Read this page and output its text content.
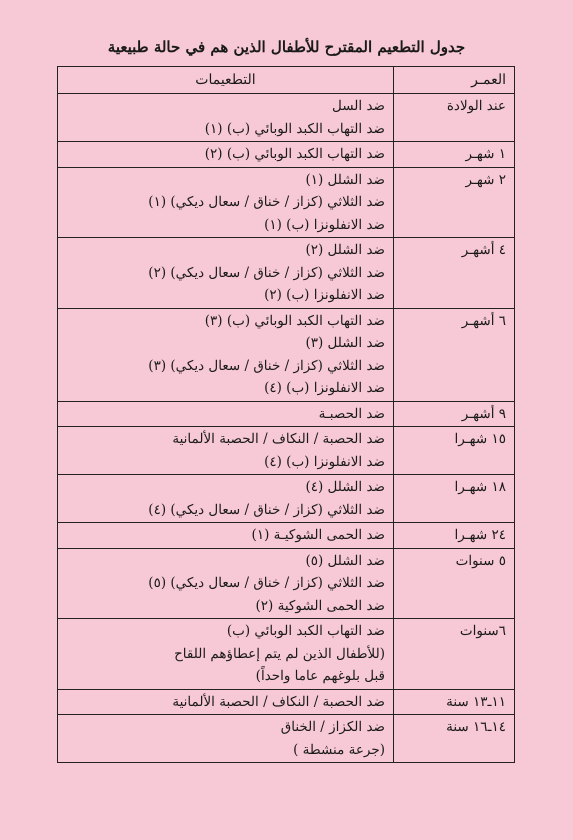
جدول التطعيم المقترح للأطفال الذين هم في حالة طبيعية
العمـر	التطعيمات
عند الولادة	ضد السل
ضد التهاب الكبد الوبائي (ب) (١)

١ شهـر	ضد التهاب الكبد الوبائي (ب) (٢)

٢ شهـر	ضد الشلل (١)
ضد الثلاثي (كزاز / خناق / سعال ديكي) (١)
ضد الانفلونزا (ب) (١)

٤ أشهـر	ضد الشلل (٢)
ضد الثلاثي (كزاز / خناق / سعال ديكي) (٢)
ضد الانفلونزا (ب) (٢)

٦ أشهـر	ضد التهاب الكبد الوبائي (ب) (٣)
ضد الشلل (٣)
ضد الثلاثي (كزاز / خناق / سعال ديكي) (٣)
ضد الانفلونزا (ب) (٤)

٩ أشهـر	ضد الحصبـة

١٥ شهـرا	ضد الحصبة / النكاف / الحصبة الألمانية
ضد الانفلونزا (ب) (٤)

١٨ شهـرا	ضد الشلل (٤)
ضد الثلاثي (كزاز / خناق / سعال ديكي) (٤)

٢٤ شهـرا	ضد الحمى الشوكيـة (١)

٥ سنوات	ضد الشلل (٥)
ضد الثلاثي (كزاز / خناق / سعال ديكي) (٥)
ضد الحمى الشوكية (٢)

٦سنوات	ضد التهاب الكبد الوبائي (ب)
(للأطفال الذين لم يتم إعطاؤهم اللقاح
قبل بلوغهم عاما واحداً)

١١ـ١٣ سنة	ضد الحصبة / النكاف / الحصبة الألمانية

١٤ـ١٦ سنة	ضد الكزاز / الخناق
(جرعة منشطة )
